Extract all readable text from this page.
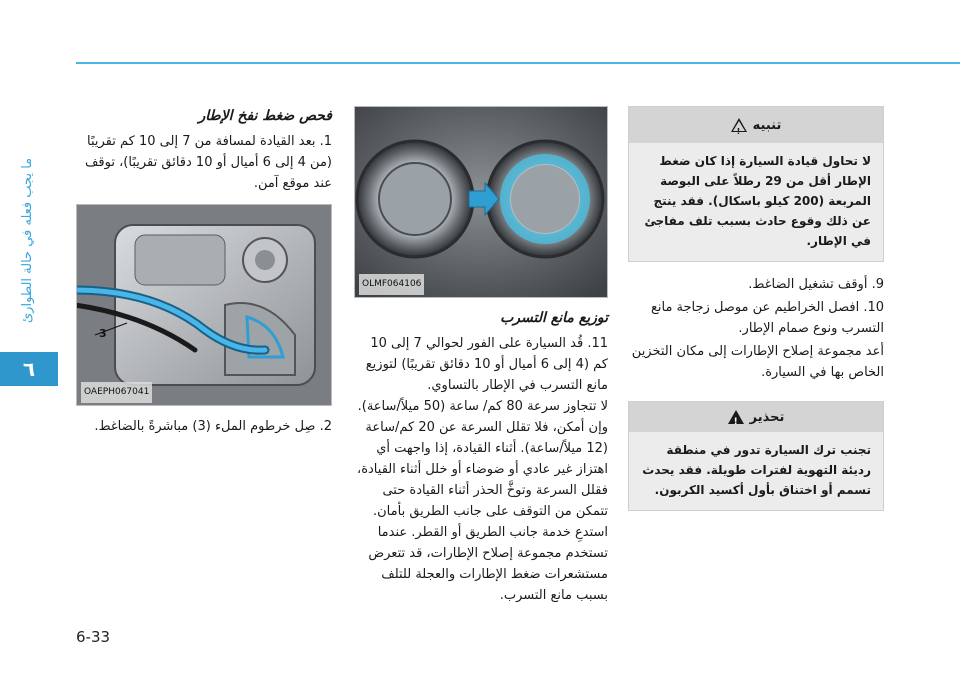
ما يجب فعله في حالة الطوارئ
٦
6-33
تنبيه
!
لا تحاول قيادة السيارة إذا كان ضغط الإطار أقل من 29 رطلاً على البوصة المربعة (200 كيلو باسكال). فقد ينتج عن ذلك وقوع حادث بسبب تلف مفاجئ في الإطار.

9. أوقف تشغيل الضاغط.

10. افصل الخراطيم عن موصل زجاجة مانع التسرب ونوع صمام الإطار.

أعد مجموعة إصلاح الإطارات إلى مكان التخزين الخاص بها في السيارة.

تحذير
!
تجنب ترك السيارة تدور في منطقة رديئة التهوية لفترات طويلة. فقد يحدث تسمم أو اختناق بأول أكسيد الكربون.
OLMF064106
توزيع مانع التسرب

11. قُد السيارة على الفور لحوالي 7 إلى 10 كم (4 إلى 6 أميال أو 10 دقائق تقريبًا) لتوزيع مانع التسرب في الإطار بالتساوي.

لا تتجاوز سرعة 80 كم/ ساعة (50 ميلاً/ساعة). وإن أمكن، فلا تقلل السرعة عن 20 كم/ساعة (12 ميلاً/ساعة). أثناء القيادة، إذا واجهت أي اهتزاز غير عادي أو ضوضاء أو خلل أثناء القيادة، فقلل السرعة وتوخَّ الحذر أثناء القيادة حتى تتمكن من التوقف على جانب الطريق بأمان. استدعِ خدمة جانب الطريق أو القطر. عندما تستخدم مجموعة إصلاح الإطارات، قد تتعرض مستشعرات ضغط الإطارات والعجلة للتلف بسبب مانع التسرب.

فحص ضغط نفخ الإطار

1. بعد القيادة لمسافة من 7 إلى 10 كم تقريبًا (من 4 إلى 6 أميال أو 10 دقائق تقريبًا)، توقف عند موقع آمن.

3
OAEPH067041

2. صِل خرطوم الملء (3) مباشرةً بالضاغط.
